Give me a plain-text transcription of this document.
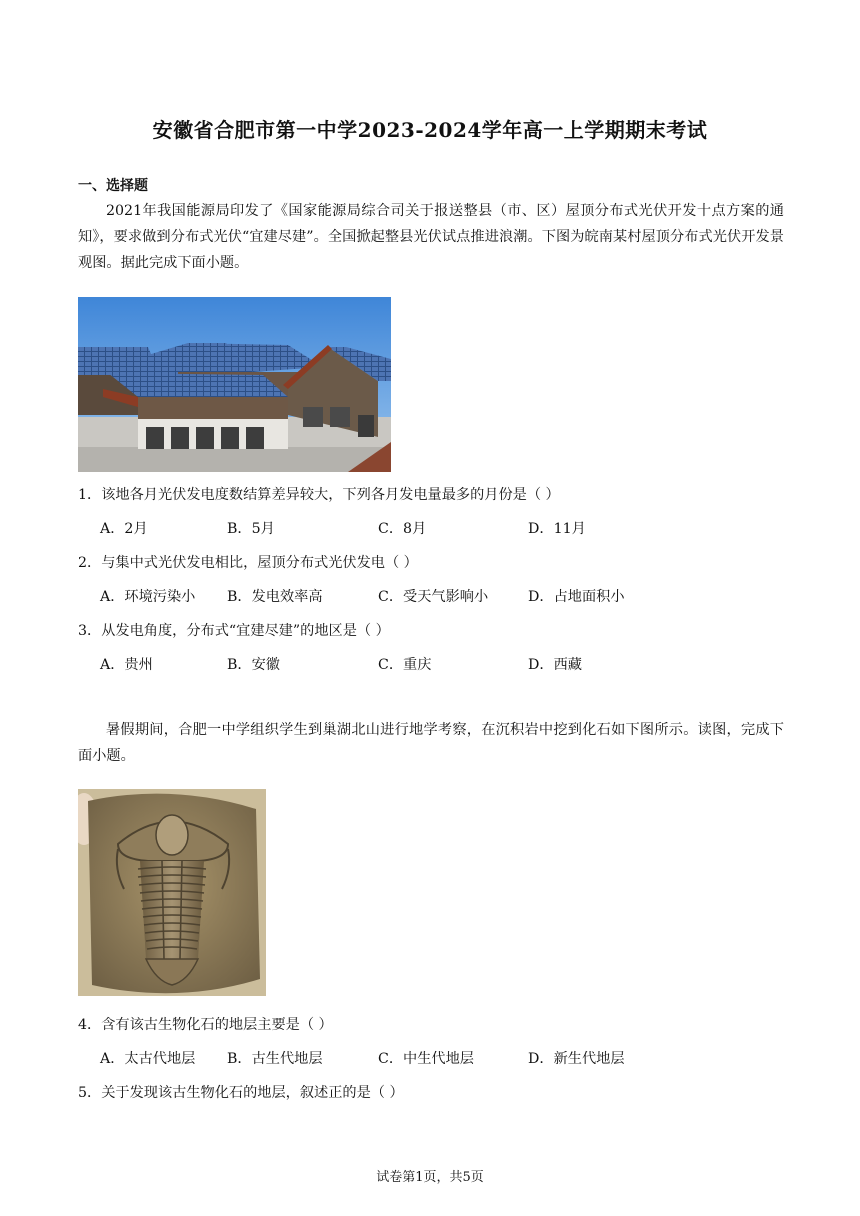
安徽省合肥市第一中学2023-2024学年高一上学期期末考试
一、选择题
2021年我国能源局印发了《国家能源局综合司关于报送整县（市、区）屋顶分布式光伏开发十点方案的通知》，要求做到分布式光伏“宜建尽建”。全国掀起整县光伏试点推进浪潮。下图为皖南某村屋顶分布式光伏开发景观图。据此完成下面小题。
1．该地各月光伏发电度数结算差异较大，下列各月发电量最多的月份是（ ）
A．2月	B．5月	C．8月	D．11月
2．与集中式光伏发电相比，屋顶分布式光伏发电（ ）
A．环境污染小 B．发电效率高	C．受天气影响小	D．占地面积小
3．从发电角度，分布式“宜建尽建”的地区是（ ）
A．贵州	B．安徽	C．重庆	D．西藏
暑假期间，合肥一中学组织学生到巢湖北山进行地学考察，在沉积岩中挖到化石如下图所示。读图，完成下面小题。
4．含有该古生物化石的地层主要是（ ）
A．太古代地层 B．古生代地层	C．中生代地层	D．新生代地层
5．关于发现该古生物化石的地层，叙述正的是（ ）
试卷第1页，共5页
